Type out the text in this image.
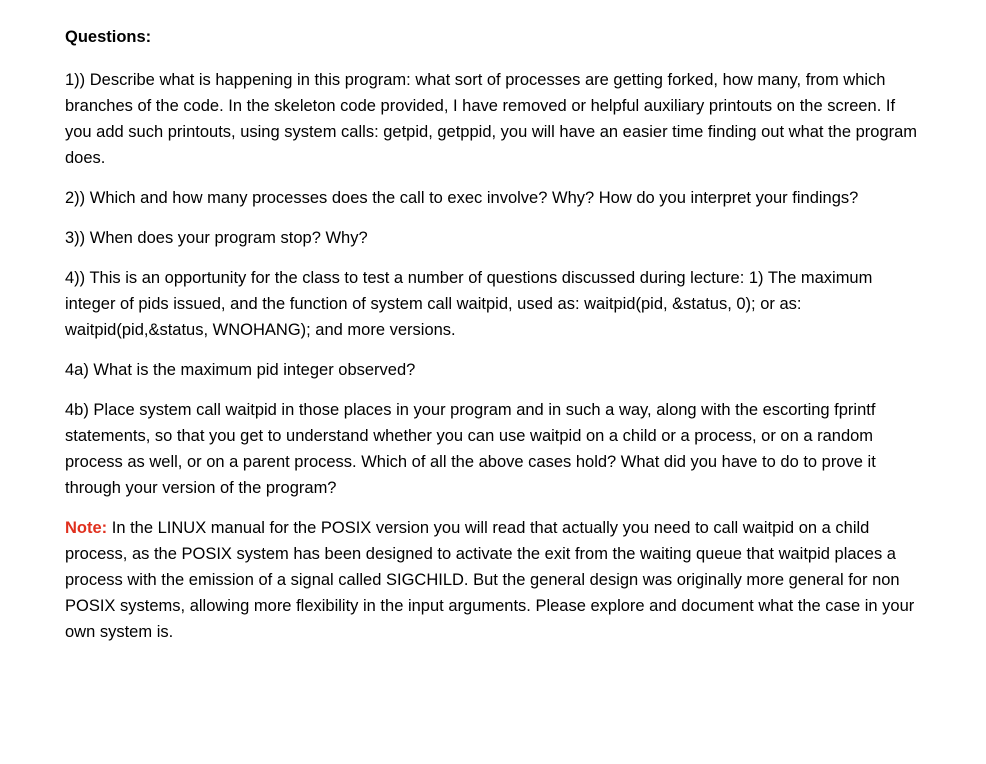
Questions:

1)) Describe what is happening in this program: what sort of processes are getting forked, how many, from which branches of the code. In the skeleton code provided, I have removed or helpful auxiliary printouts on the screen. If you add such printouts, using system calls: getpid, getppid, you will have an easier time finding out what the program does.

2)) Which and how many processes does the call to exec involve? Why? How do you interpret your findings?

3)) When does your program stop? Why?

4)) This is an opportunity for the class to test a number of questions discussed during lecture: 1) The maximum integer of pids issued, and the function of system call waitpid, used as: waitpid(pid, &status, 0); or as: waitpid(pid,&status, WNOHANG); and more versions.

4a) What is the maximum pid integer observed?

4b) Place system call waitpid in those places in your program and in such a way, along with the escorting fprintf statements, so that you get to understand whether you can use waitpid on a child or a process, or on a random process as well, or on a parent process. Which of all the above cases hold? What did you have to do to prove it through your version of the program?

Note: In the LINUX manual for the POSIX version you will read that actually you need to call waitpid on a child process, as the POSIX system has been designed to activate the exit from the waiting queue that waitpid places a process with the emission of a signal called SIGCHILD. But the general design was originally more general for non POSIX systems, allowing more flexibility in the input arguments. Please explore and document what the case in your own system is.
